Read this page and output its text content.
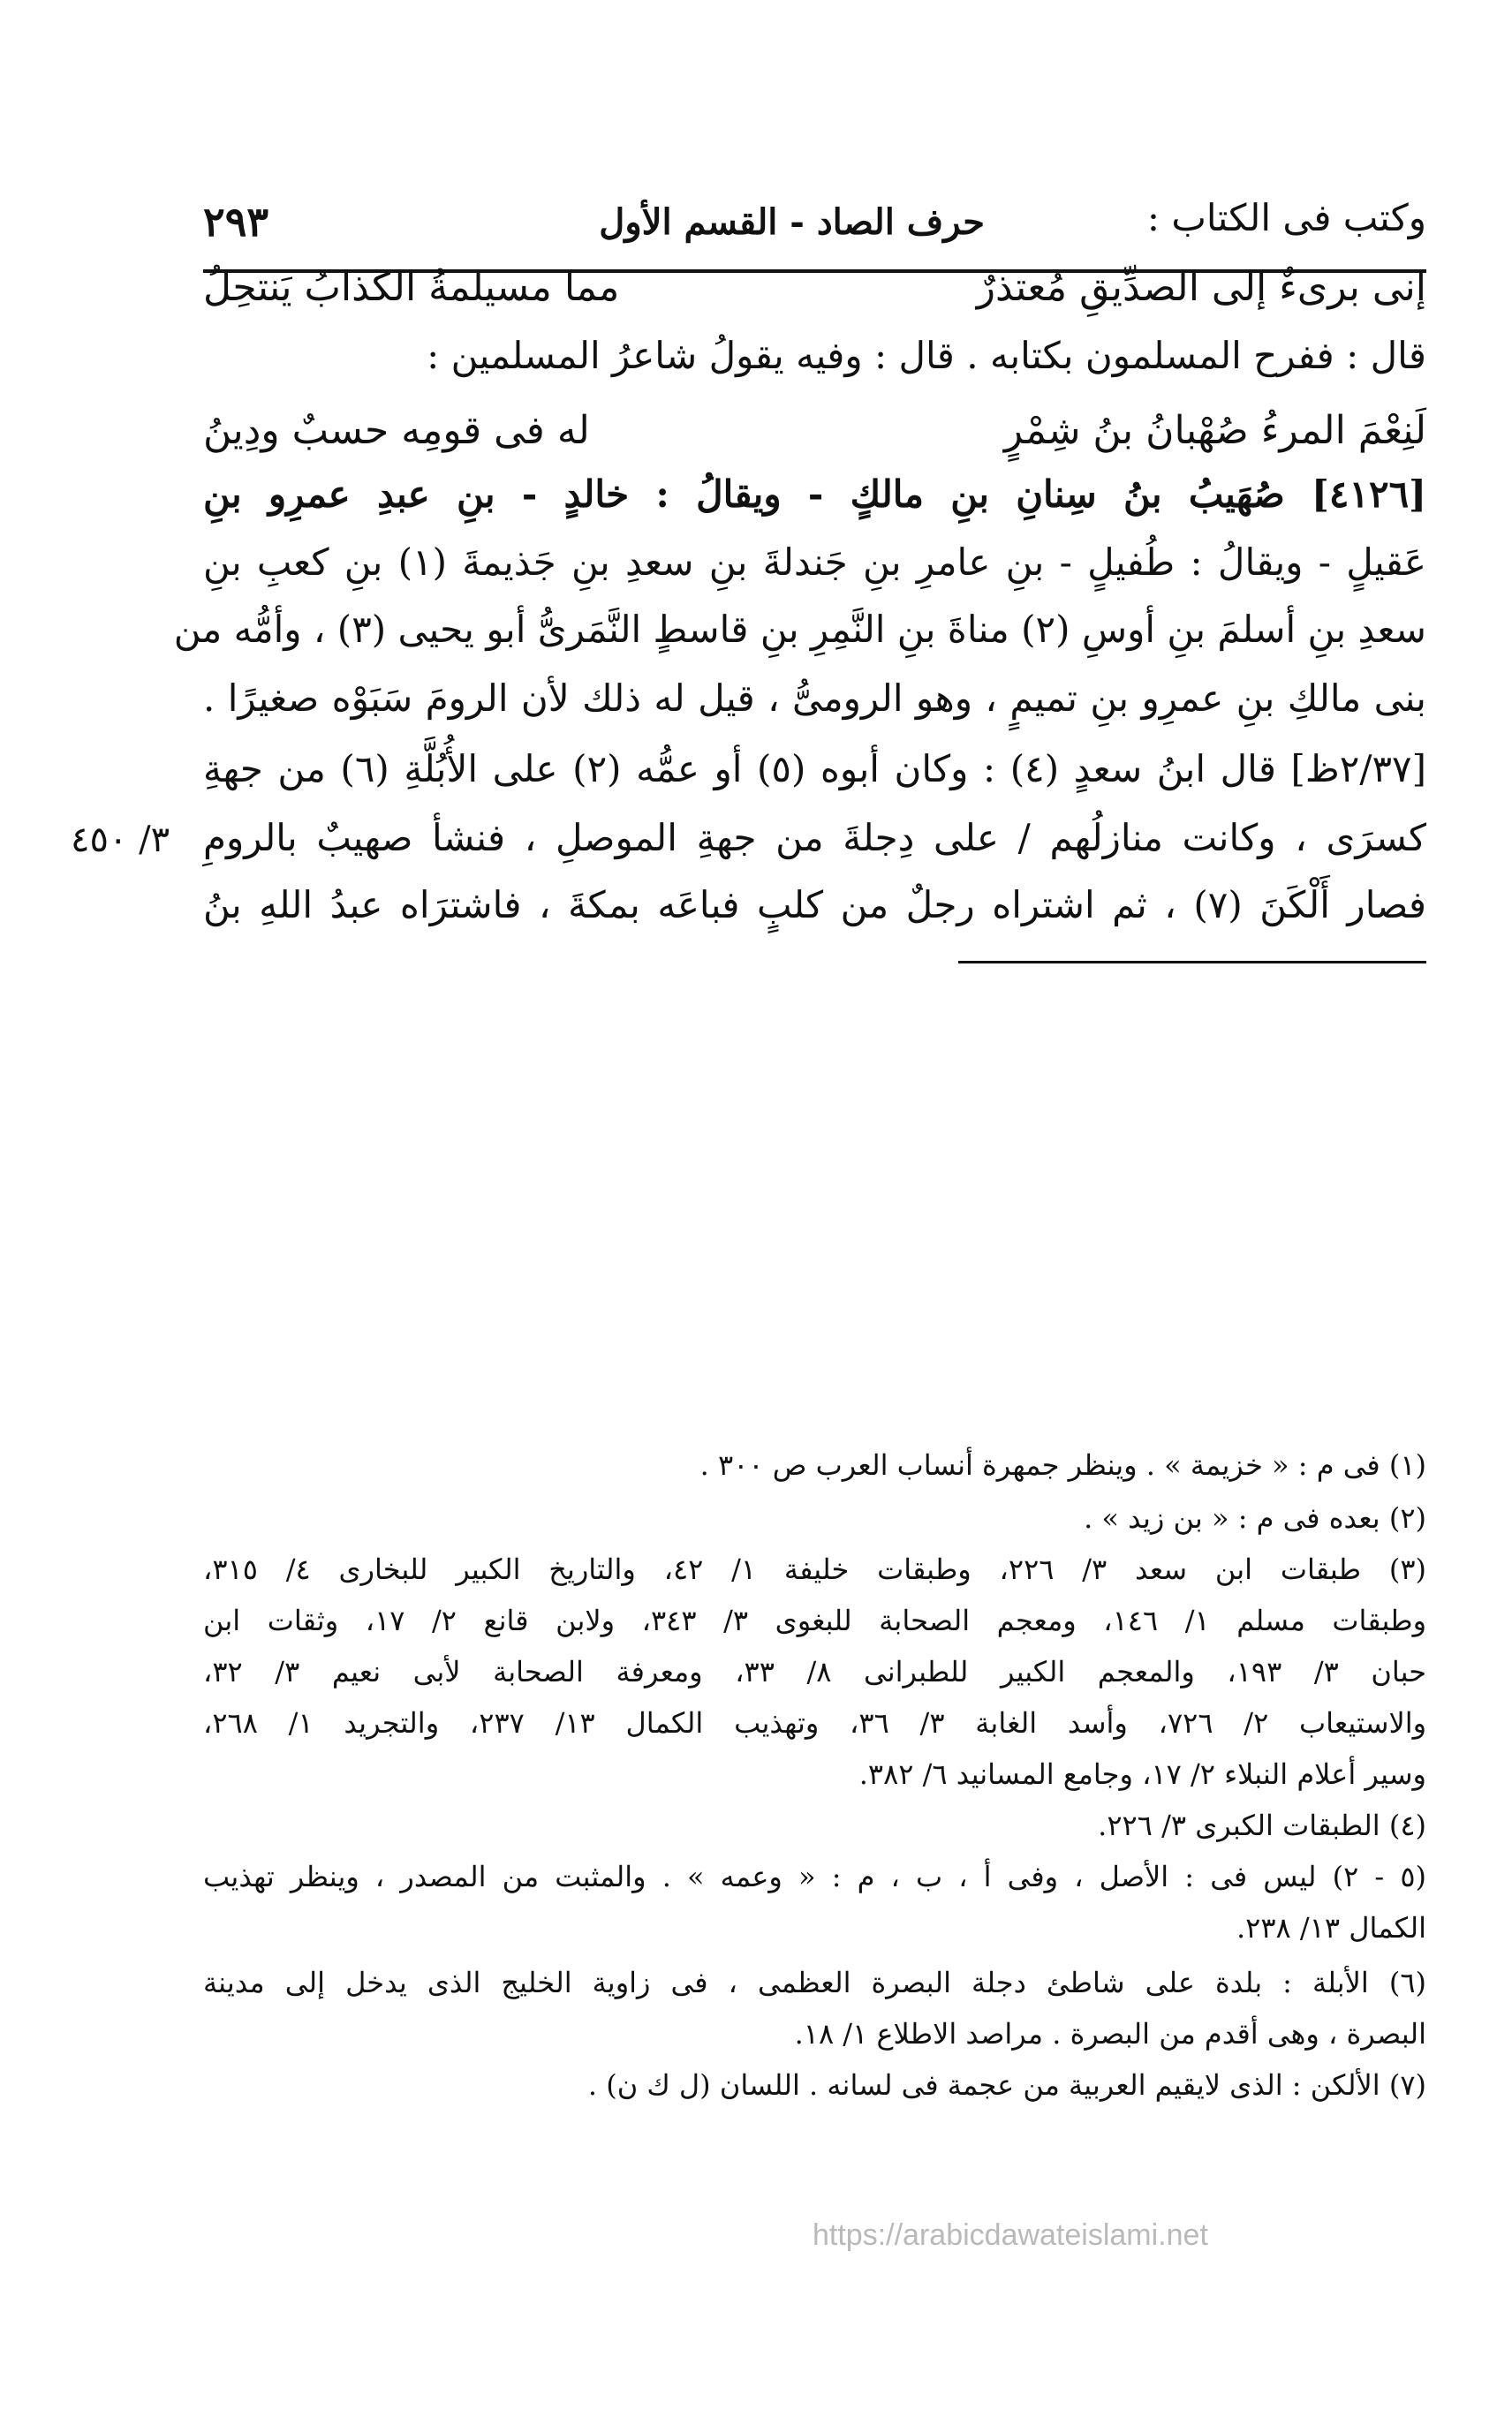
حرف الصاد - القسم الأول
٢٩٣	وكتب فى الكتاب :
إنى برىءٌ إلى الصدِّيقِ مُعتذرٌ
مما مسيلمةُ الكذابُ يَنتحِلُ
قال : ففرح المسلمون بكتابه . قال : وفيه يقولُ شاعرُ المسلمين :
لَنِعْمَ المرءُ صُهْبانُ بنُ شِمْرٍ
له فى قومِه حسبٌ ودِينُ
[٤١٢٦] صُهَيبُ بنُ سِنانِ بنِ مالكٍ - ويقالُ : خالدٍ - بنِ عبدِ عمرِو بنِ
عَقيلٍ - ويقالُ : طُفيلٍ - بنِ عامرِ بنِ جَندلةَ بنِ سعدِ بنِ جَذيمةَ (١) بنِ كعبِ بنِ
سعدِ بنِ أسلمَ بنِ أوسِ (٢) مناةَ بنِ النَّمِرِ بنِ قاسطٍ النَّمَرىُّ أبو يحيى (٣) ، وأمُّه من
بنى مالكِ بنِ عمرِو بنِ تميمٍ ، وهو الرومىُّ ، قيل له ذلك لأن الرومَ سَبَوْه صغيرًا .
[٢/٣٧ظ] قال ابنُ سعدٍ (٤) : وكان أبوه (٥) أو عمُّه (٢) على الأُبُلَّةِ (٦) من جهةِ
كسرَى ، وكانت منازلُهم / على دِجلةَ من جهةِ الموصلِ ، فنشأ صهيبٌ بالرومِ
فصار أَلْكَنَ (٧) ، ثم اشتراه رجلٌ من كلبٍ فباعَه بمكةَ ، فاشترَاه عبدُ اللهِ بنُ
٣/ ٤٥٠
(١) فى م : « خزيمة » . وينظر جمهرة أنساب العرب ص ٣٠٠ .
(٢) بعده فى م : « بن زيد » .
(٣) طبقات ابن سعد ٣/ ٢٢٦، وطبقات خليفة ١/ ٤٢، والتاريخ الكبير للبخارى ٤/ ٣١٥،
وطبقات مسلم ١/ ١٤٦، ومعجم الصحابة للبغوى ٣/ ٣٤٣، ولابن قانع ٢/ ١٧، وثقات ابن
حبان ٣/ ١٩٣، والمعجم الكبير للطبرانى ٨/ ٣٣، ومعرفة الصحابة لأبى نعيم ٣/ ٣٢،
والاستيعاب ٢/ ٧٢٦، وأسد الغابة ٣/ ٣٦، وتهذيب الكمال ١٣/ ٢٣٧، والتجريد ١/ ٢٦٨،
وسير أعلام النبلاء ٢/ ١٧، وجامع المسانيد ٦/ ٣٨٢.
(٤) الطبقات الكبرى ٣/ ٢٢٦.
(٥ - ٢) ليس فى : الأصل ، وفى أ ، ب ، م : « وعمه » . والمثبت من المصدر ، وينظر تهذيب
الكمال ١٣/ ٢٣٨.
(٦) الأبلة : بلدة على شاطئ دجلة البصرة العظمى ، فى زاوية الخليج الذى يدخل إلى مدينة
البصرة ، وهى أقدم من البصرة . مراصد الاطلاع ١/ ١٨.
(٧) الألكن : الذى لايقيم العربية من عجمة فى لسانه . اللسان (ل ك ن) .
https://arabicdawateislami.net
